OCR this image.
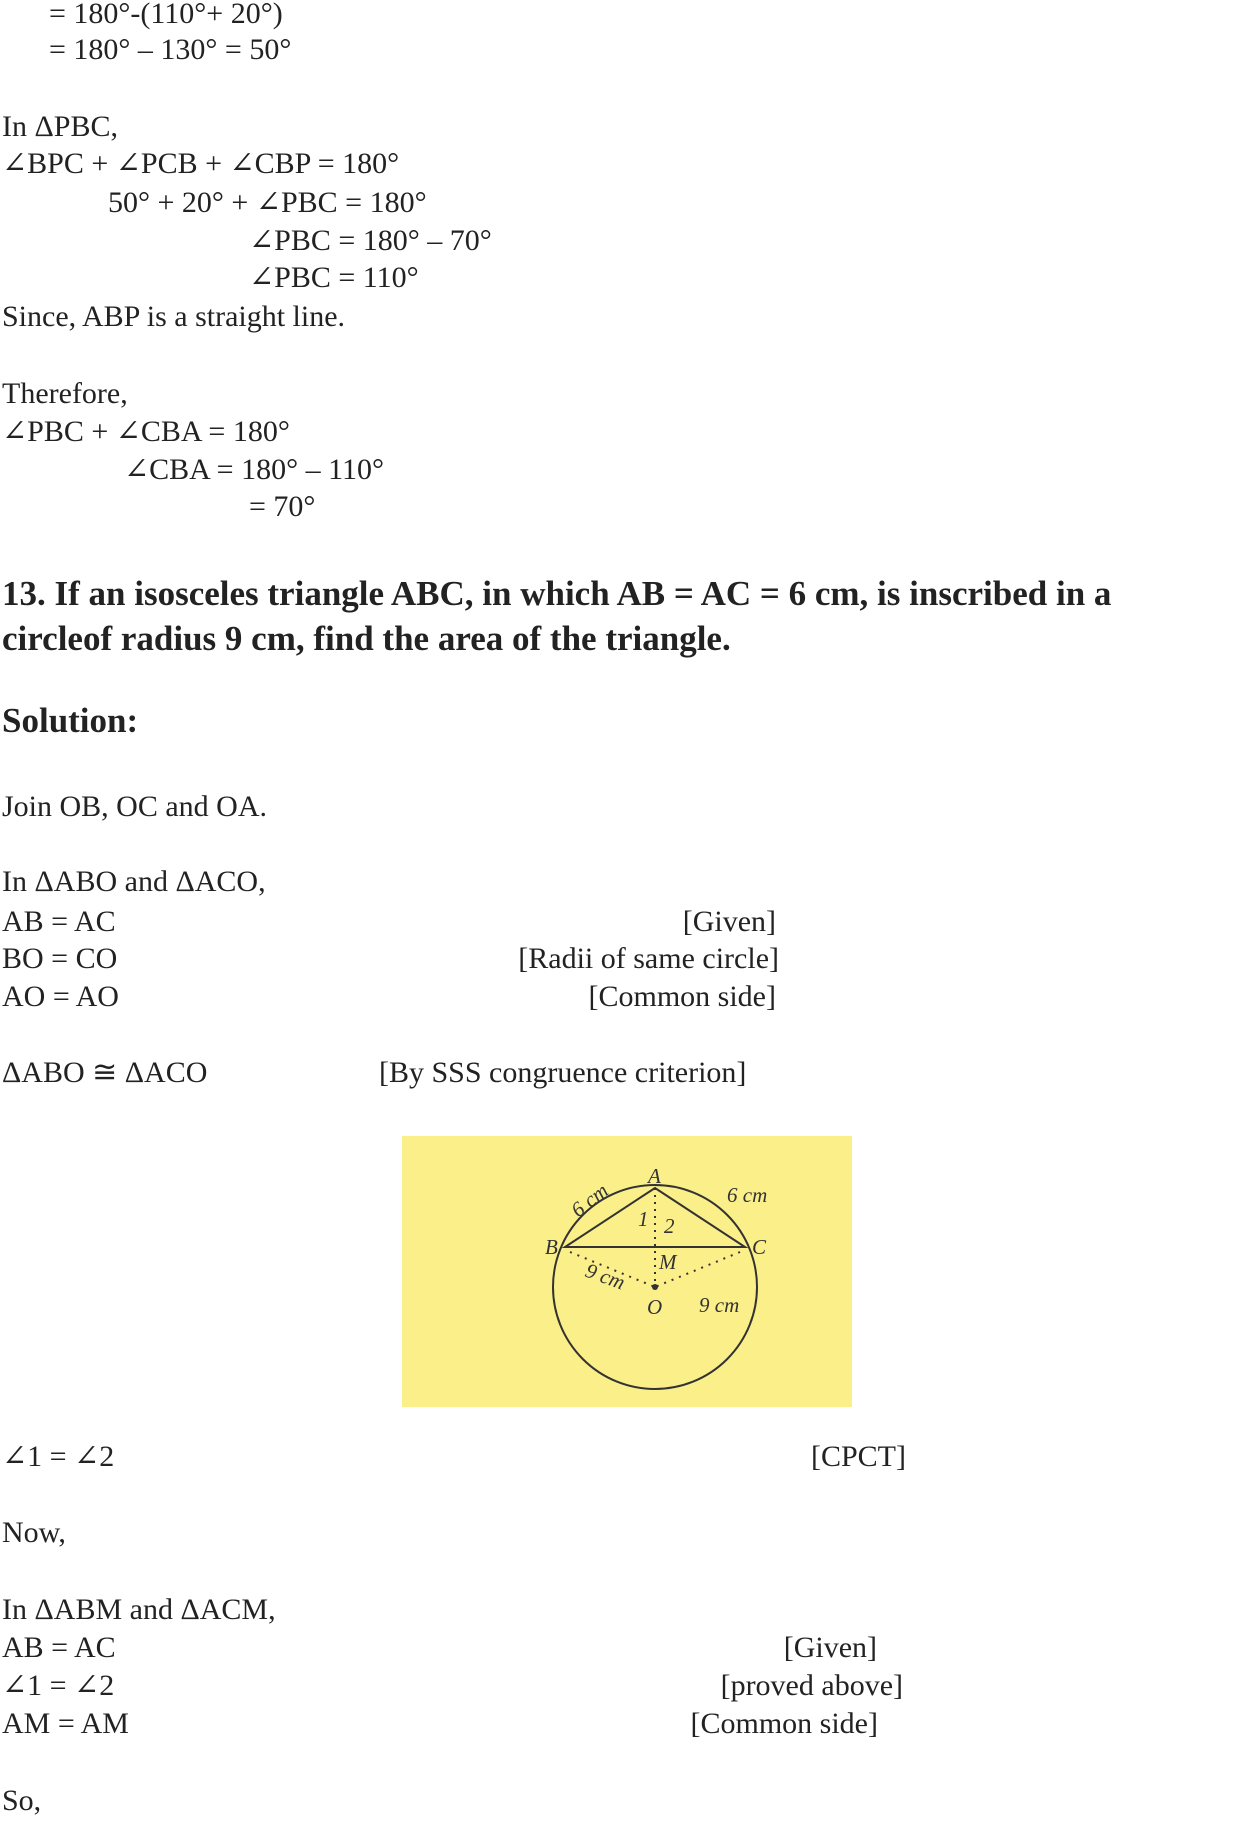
= 180°-(110°+ 20°)
= 180° – 130° = 50°
In ΔPBC,
∠BPC + ∠PCB + ∠CBP = 180°
50° + 20° + ∠PBC = 180°
∠PBC = 180° – 70°
∠PBC = 110°
Since, ABP is a straight line.
Therefore,
∠PBC + ∠CBA = 180°
∠CBA = 180° – 110°
= 70°
13. If an isosceles triangle ABC, in which AB = AC = 6 cm, is inscribed in a
circleof radius 9 cm, find the area of the triangle.
Solution:
Join OB, OC and OA.
In ΔABO and ΔACO,
AB = AC	[Given]
BO = CO	[Radii of same circle]
AO = AO	[Common side]
ΔABO ≅ ΔACO	[By SSS congruence criterion]
A
B	C
M
O
1 2
6 cm	6 cm
9 cm
9 cm
∠1 = ∠2	[CPCT]
Now,
In ΔABM and ΔACM,
AB = AC	[Given]
∠1 = ∠2	[proved above]
AM = AM	[Common side]
So,
